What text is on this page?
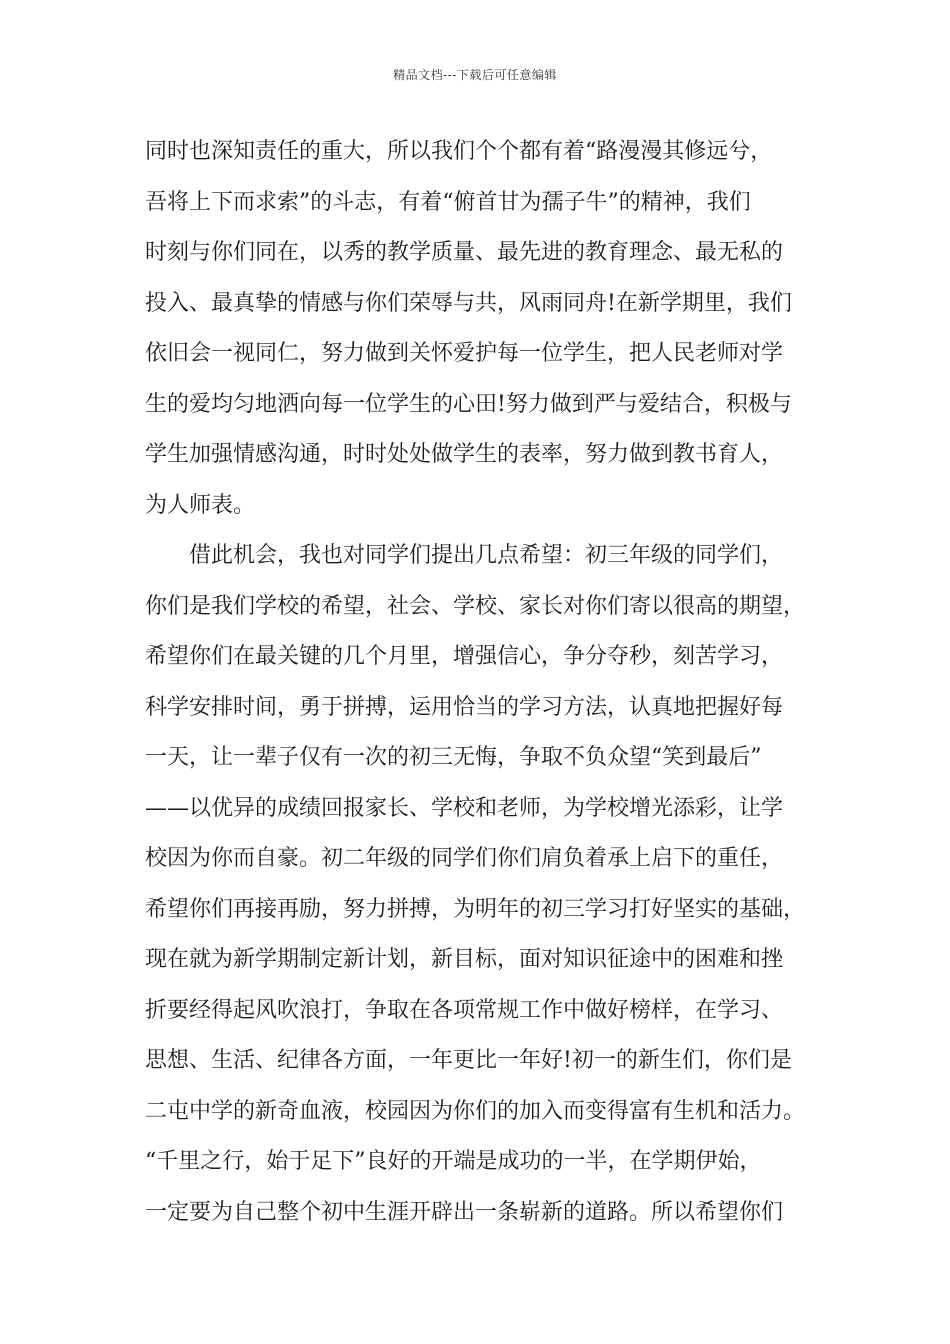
精品文档---下载后可任意编辑
同时也深知责任的重大，所以我们个个都有着“路漫漫其修远兮，
吾将上下而求索”的斗志，有着“俯首甘为孺子牛”的精神，我们
时刻与你们同在，以秀的教学质量、最先进的教育理念、最无私的
投入、最真挚的情感与你们荣辱与共，风雨同舟!在新学期里，我们
依旧会一视同仁，努力做到关怀爱护每一位学生，把人民老师对学
生的爱均匀地洒向每一位学生的心田!努力做到严与爱结合，积极与
学生加强情感沟通，时时处处做学生的表率，努力做到教书育人，
为人师表。
借此机会，我也对同学们提出几点希望：初三年级的同学们，
你们是我们学校的希望，社会、学校、家长对你们寄以很高的期望，
希望你们在最关键的几个月里，增强信心，争分夺秒，刻苦学习，
科学安排时间，勇于拼搏，运用恰当的学习方法，认真地把握好每
一天，让一辈子仅有一次的初三无悔，争取不负众望“笑到最后”
——以优异的成绩回报家长、学校和老师，为学校增光添彩，让学
校因为你而自豪。初二年级的同学们你们肩负着承上启下的重任，
希望你们再接再励，努力拼搏，为明年的初三学习打好坚实的基础，
现在就为新学期制定新计划，新目标，面对知识征途中的困难和挫
折要经得起风吹浪打，争取在各项常规工作中做好榜样，在学习、
思想、生活、纪律各方面，一年更比一年好!初一的新生们，你们是
二屯中学的新奇血液，校园因为你们的加入而变得富有生机和活力。
“千里之行，始于足下”良好的开端是成功的一半，在学期伊始，
一定要为自己整个初中生涯开辟出一条崭新的道路。所以希望你们
